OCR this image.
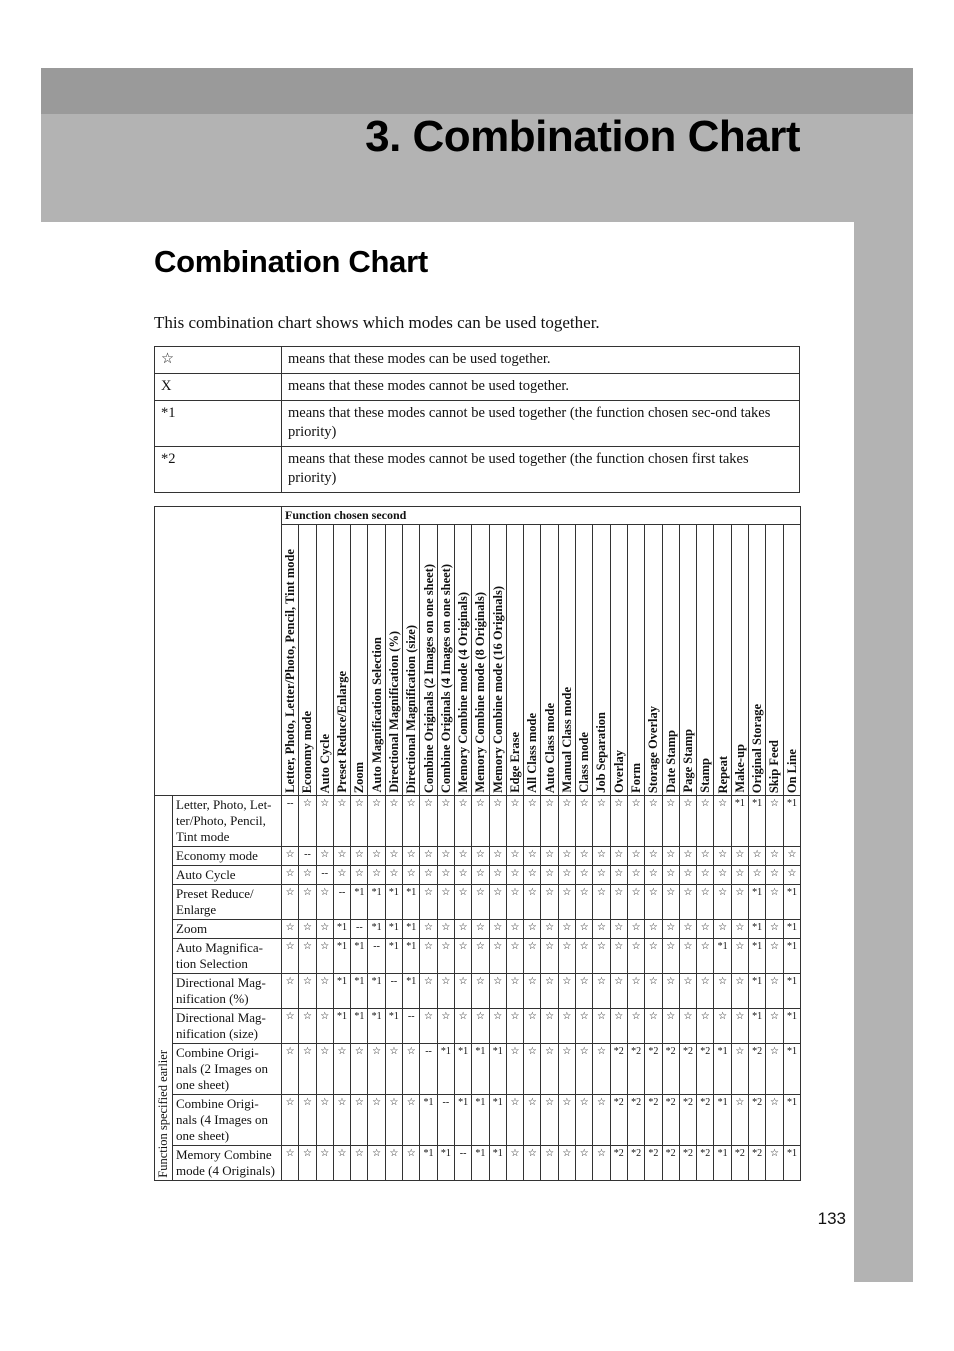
3. Combination Chart
Combination Chart
This combination chart shows which modes can be used together.
☆	means that these modes can be used together.
X	means that these modes cannot be used together.
*1	means that these modes cannot be used together (the function chosen sec-ond takes priority)
*2	means that these modes cannot be used together (the function chosen first takes priority)
		Function chosen second																													

		Letter, Photo, Letter/Photo, Pencil, Tint mode	Economy mode	Auto Cycle	Preset Reduce/Enlarge	Zoom	Auto Magnification Selection	Directional Magnification (%)	Directional Magnification (size)	Combine Originals (2 Images on one sheet)	Combine Originals (4 Images on one sheet)	Memory Combine mode (4 Originals)	Memory Combine mode (8 Originals)	Memory Combine mode (16 Originals)	Edge Erase	All Class mode	Auto Class mode	Manual Class mode	Class mode	Job Separation	Overlay	Form	Storage Overlay	Date Stamp	Page Stamp	Stamp	Repeat	Make-up	Original Storage	Skip Feed	On Line

Function specified earlier	Letter, Photo, Let-ter/Photo, Pencil, Tint mode	--	☆	☆	☆	☆	☆	☆	☆	☆	☆	☆	☆	☆	☆	☆	☆	☆	☆	☆	☆	☆	☆	☆	☆	☆	☆	*1	*1	☆	*1
	Economy mode	☆	--	☆	☆	☆	☆	☆	☆	☆	☆	☆	☆	☆	☆	☆	☆	☆	☆	☆	☆	☆	☆	☆	☆	☆	☆	☆	☆	☆	☆
	Auto Cycle	☆	☆	--	☆	☆	☆	☆	☆	☆	☆	☆	☆	☆	☆	☆	☆	☆	☆	☆	☆	☆	☆	☆	☆	☆	☆	☆	☆	☆	☆
	Preset Reduce/ Enlarge	☆	☆	☆	--	*1	*1	*1	*1	☆	☆	☆	☆	☆	☆	☆	☆	☆	☆	☆	☆	☆	☆	☆	☆	☆	☆	☆	*1	☆	*1
	Zoom	☆	☆	☆	*1	--	*1	*1	*1	☆	☆	☆	☆	☆	☆	☆	☆	☆	☆	☆	☆	☆	☆	☆	☆	☆	☆	☆	*1	☆	*1
	Auto Magnifica-tion Selection	☆	☆	☆	*1	*1	--	*1	*1	☆	☆	☆	☆	☆	☆	☆	☆	☆	☆	☆	☆	☆	☆	☆	☆	☆	*1	☆	*1	☆	*1
	Directional Mag-nification (%)	☆	☆	☆	*1	*1	*1	--	*1	☆	☆	☆	☆	☆	☆	☆	☆	☆	☆	☆	☆	☆	☆	☆	☆	☆	☆	☆	*1	☆	*1
	Directional Mag-nification (size)	☆	☆	☆	*1	*1	*1	*1	--	☆	☆	☆	☆	☆	☆	☆	☆	☆	☆	☆	☆	☆	☆	☆	☆	☆	☆	☆	*1	☆	*1
	Combine Origi-nals (2 Images on one sheet)	☆	☆	☆	☆	☆	☆	☆	☆	--	*1	*1	*1	*1	☆	☆	☆	☆	☆	☆	*2	*2	*2	*2	*2	*2	*1	☆	*2	☆	*1
	Combine Origi-nals (4 Images on one sheet)	☆	☆	☆	☆	☆	☆	☆	☆	*1	--	*1	*1	*1	☆	☆	☆	☆	☆	☆	*2	*2	*2	*2	*2	*2	*1	☆	*2	☆	*1
	Memory Combine mode (4 Originals)	☆	☆	☆	☆	☆	☆	☆	☆	*1	*1	--	*1	*1	☆	☆	☆	☆	☆	☆	*2	*2	*2	*2	*2	*2	*1	*2	*2	☆	*1
133
